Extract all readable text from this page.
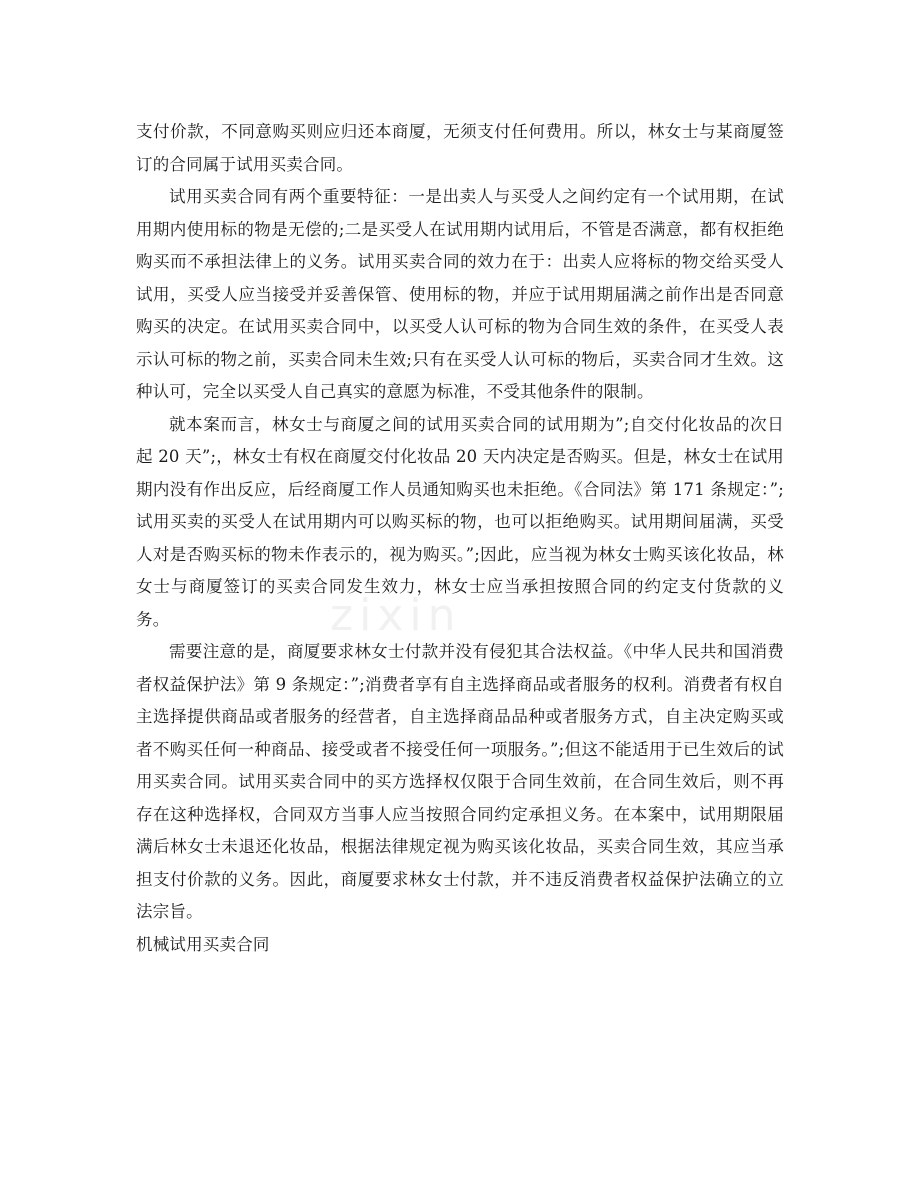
zixin

支付价款，不同意购买则应归还本商厦，无须支付任何费用。所以，林女士与某商厦签订的合同属于试用买卖合同。

试用买卖合同有两个重要特征：一是出卖人与买受人之间约定有一个试用期，在试用期内使用标的物是无偿的;二是买受人在试用期内试用后，不管是否满意，都有权拒绝购买而不承担法律上的义务。试用买卖合同的效力在于：出卖人应将标的物交给买受人试用，买受人应当接受并妥善保管、使用标的物，并应于试用期届满之前作出是否同意购买的决定。在试用买卖合同中，以买受人认可标的物为合同生效的条件，在买受人表示认可标的物之前，买卖合同未生效;只有在买受人认可标的物后，买卖合同才生效。这种认可，完全以买受人自己真实的意愿为标准，不受其他条件的限制。

就本案而言，林女士与商厦之间的试用买卖合同的试用期为”;自交付化妆品的次日起 20 天”;，林女士有权在商厦交付化妆品 20 天内决定是否购买。但是，林女士在试用期内没有作出反应，后经商厦工作人员通知购买也未拒绝。《合同法》第 171 条规定：”;试用买卖的买受人在试用期内可以购买标的物，也可以拒绝购买。试用期间届满，买受人对是否购买标的物未作表示的，视为购买。”;因此，应当视为林女士购买该化妆品，林女士与商厦签订的买卖合同发生效力，林女士应当承担按照合同的约定支付货款的义务。

需要注意的是，商厦要求林女士付款并没有侵犯其合法权益。《中华人民共和国消费者权益保护法》第 9 条规定：”;消费者享有自主选择商品或者服务的权利。消费者有权自主选择提供商品或者服务的经营者，自主选择商品品种或者服务方式，自主决定购买或者不购买任何一种商品、接受或者不接受任何一项服务。”;但这不能适用于已生效后的试用买卖合同。试用买卖合同中的买方选择权仅限于合同生效前，在合同生效后，则不再存在这种选择权，合同双方当事人应当按照合同约定承担义务。在本案中，试用期限届满后林女士未退还化妆品，根据法律规定视为购买该化妆品，买卖合同生效，其应当承担支付价款的义务。因此，商厦要求林女士付款，并不违反消费者权益保护法确立的立法宗旨。

机械试用买卖合同
